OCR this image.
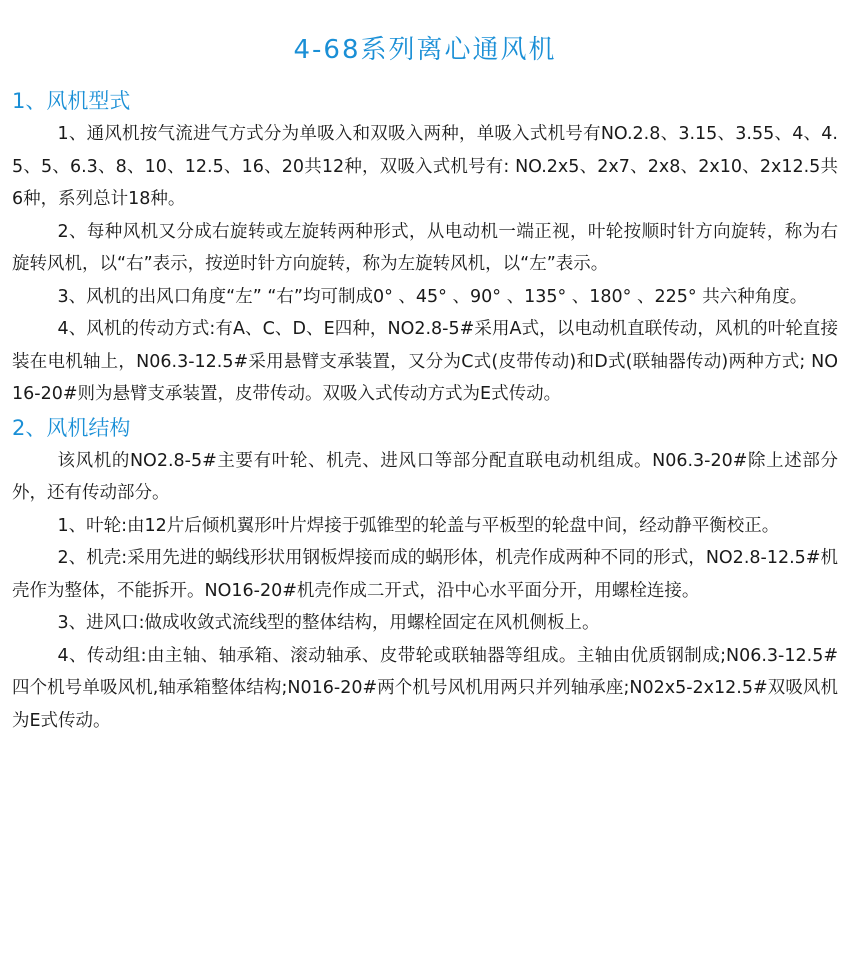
4-68系列离心通风机
1、风机型式

1、通风机按气流进气方式分为单吸入和双吸入两种，单吸入式机号有NO.2.8、3.15、3.55、4、4.5、5、6.3、8、10、12.5、16、20共12种，双吸入式机号有: NO.2x5、2x7、2x8、2x10、2x12.5共6种，系列总计18种。

2、每种风机又分成右旋转或左旋转两种形式，从电动机一端正视，叶轮按顺时针方向旋转，称为右旋转风机，以“右”表示，按逆时针方向旋转，称为左旋转风机，以“左”表示。

3、风机的出风口角度“左” “右”均可制成0° 、45° 、90° 、135° 、180° 、225° 共六种角度。

4、风机的传动方式:有A、C、D、E四种，NO2.8-5#采用A式，以电动机直联传动，风机的叶轮直接装在电机轴上，N06.3-12.5#采用悬臂支承装置，又分为C式(皮带传动)和D式(联轴器传动)两种方式; NO16-20#则为悬臂支承装置，皮带传动。双吸入式传动方式为E式传动。

2、风机结构

该风机的NO2.8-5#主要有叶轮、机壳、进风口等部分配直联电动机组成。N06.3-20#除上述部分外，还有传动部分。

1、叶轮:由12片后倾机翼形叶片焊接于弧锥型的轮盖与平板型的轮盘中间，经动静平衡校正。

2、机壳:采用先进的蜗线形状用钢板焊接而成的蜗形体，机壳作成两种不同的形式，NO2.8-12.5#机壳作为整体，不能拆开。NO16-20#机壳作成二开式，沿中心水平面分开，用螺栓连接。

3、进风口:做成收敛式流线型的整体结构，用螺栓固定在风机侧板上。

4、传动组:由主轴、轴承箱、滚动轴承、皮带轮或联轴器等组成。主轴由优质钢制成;N06.3-12.5#四个机号单吸风机,轴承箱整体结构;N016-20#两个机号风机用两只并列轴承座;N02x5-2x12.5#双吸风机为E式传动。
